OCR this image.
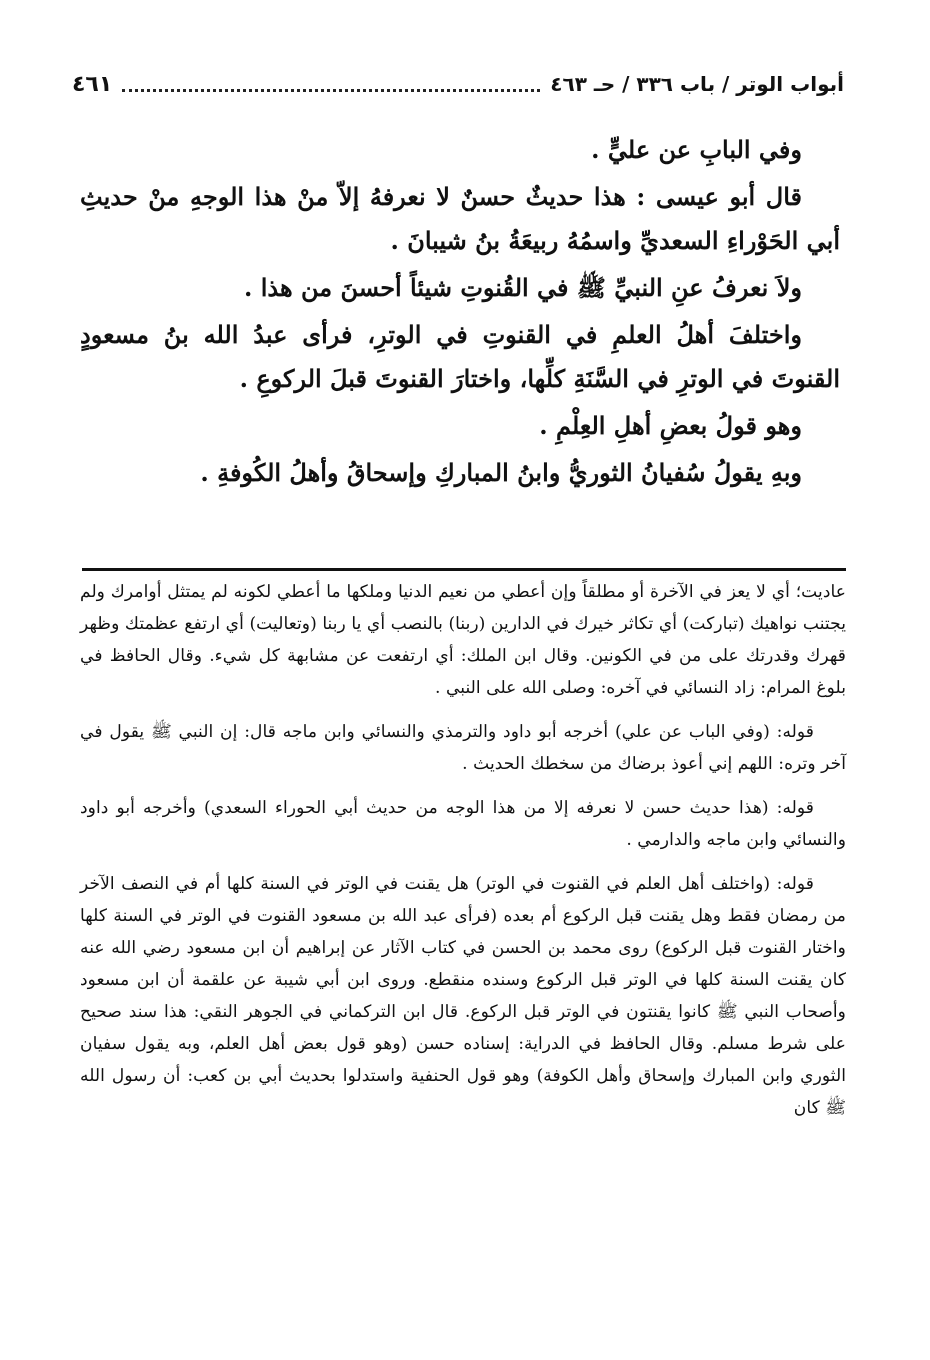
أبواب الوتر / باب ٣٣٦ / حـ ٤٦٣
٤٦١

وفي البابِ عن عليٍّ .

قال أبو عيسى : هذا حديثٌ حسنٌ لا نعرفهُ إلاّ منْ هذا الوجهِ منْ حديثِ أبي الحَوْراءِ السعديِّ واسمُهُ ربيعَةُ بنُ شيبانَ .

ولاَ نعرفُ عنِ النبيِّ ﷺ في القُنوتِ شيئاً أحسنَ من هذا .

واختلفَ أهلُ العلمِ في القنوتِ في الوترِ، فرأى عبدُ الله بنُ مسعودٍ القنوتَ في الوترِ في السَّنَةِ كلِّها، واختارَ القنوتَ قبلَ الركوعِ .

وهو قولُ بعضِ أهلِ العِلْمِ .

وبهِ يقولُ سُفيانُ الثوريُّ وابنُ المباركِ وإسحاقُ وأهلُ الكُوفةِ .

عاديت؛ أي لا يعز في الآخرة أو مطلقاً وإن أعطي من نعيم الدنيا وملكها ما أعطي لكونه لم يمتثل أوامرك ولم يجتنب نواهيك (تباركت) أي تكاثر خيرك في الدارين (ربنا) بالنصب أي يا ربنا (وتعاليت) أي ارتفع عظمتك وظهر قهرك وقدرتك على من في الكونين. وقال ابن الملك: أي ارتفعت عن مشابهة كل شيء. وقال الحافظ في بلوغ المرام: زاد النسائي في آخره: وصلى الله على النبي .

قوله: (وفي الباب عن علي) أخرجه أبو داود والترمذي والنسائي وابن ماجه قال: إن النبي ﷺ يقول في آخر وتره: اللهم إني أعوذ برضاك من سخطك الحديث .

قوله: (هذا حديث حسن لا نعرفه إلا من هذا الوجه من حديث أبي الحوراء السعدي) وأخرجه أبو داود والنسائي وابن ماجه والدارمي .

قوله: (واختلف أهل العلم في القنوت في الوتر) هل يقنت في الوتر في السنة كلها أم في النصف الآخر من رمضان فقط وهل يقنت قبل الركوع أم بعده (فرأى عبد الله بن مسعود القنوت في الوتر في السنة كلها واختار القنوت قبل الركوع) روى محمد بن الحسن في كتاب الآثار عن إبراهيم أن ابن مسعود رضي الله عنه كان يقنت السنة كلها في الوتر قبل الركوع وسنده منقطع. وروى ابن أبي شيبة عن علقمة أن ابن مسعود وأصحاب النبي ﷺ كانوا يقنتون في الوتر قبل الركوع. قال ابن التركماني في الجوهر النقي: هذا سند صحيح على شرط مسلم. وقال الحافظ في الدراية: إسناده حسن (وهو قول بعض أهل العلم، وبه يقول سفيان الثوري وابن المبارك وإسحاق وأهل الكوفة) وهو قول الحنفية واستدلوا بحديث أبي بن كعب: أن رسول الله ﷺ كان
